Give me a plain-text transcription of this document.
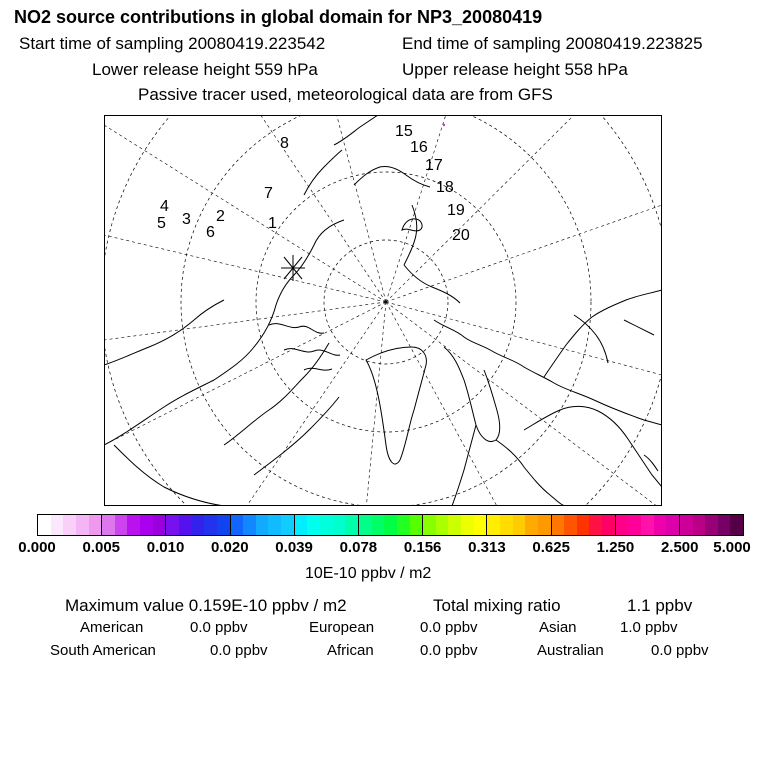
NO2 source contributions in global domain for NP3_20080419
Start time of sampling 20080419.223542	End time of sampling 20080419.223825
Lower release height 559 hPa	Upper release height 558 hPa
Passive tracer used, meteorological data are from GFS
1
2
3
4
5
6
7
8
15
16
17
18
19
20
0.000 0.005 0.010 0.020 0.039 0.078 0.156 0.313 0.625 1.250 2.500 5.000
10E-10 ppbv / m2
Maximum value 0.159E-10 ppbv / m2	Total mixing ratio	1.1 ppbv
American	0.0 ppbv	European	0.0 ppbv	Asian	1.0 ppbv
South American	0.0 ppbv	African	0.0 ppbv	Australian	0.0 ppbv
